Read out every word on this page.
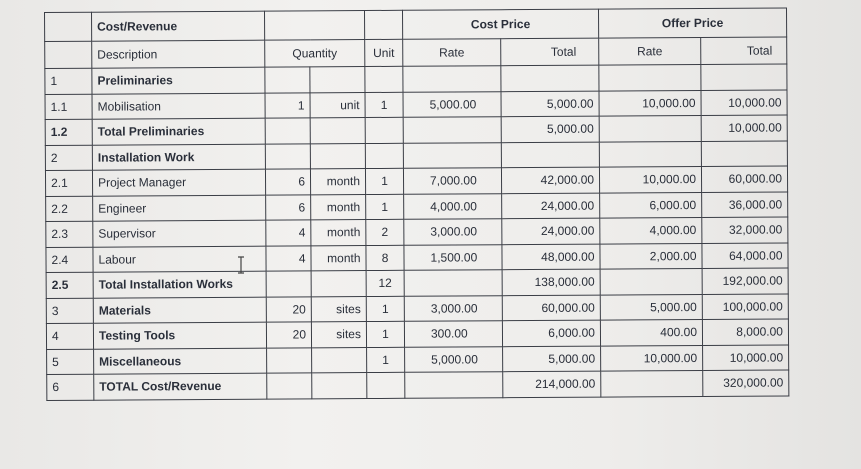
	Cost/Revenue				Cost Price		Offer Price	
	Description	Quantity		Unit	Rate	Total	Rate	Total
1	Preliminaries							
1.1	Mobilisation	1	unit	1	5,000.00	5,000.00	10,000.00	10,000.00
1.2	Total Preliminaries					5,000.00		10,000.00
2	Installation Work							
2.1	Project Manager	6	month	1	7,000.00	42,000.00	10,000.00	60,000.00
2.2	Engineer	6	month	1	4,000.00	24,000.00	6,000.00	36,000.00
2.3	Supervisor	4	month	2	3,000.00	24,000.00	4,000.00	32,000.00
2.4	Labour	4	month	8	1,500.00	48,000.00	2,000.00	64,000.00
2.5	Total Installation Works			12		138,000.00		192,000.00
3	Materials	20	sites	1	3,000.00	60,000.00	5,000.00	100,000.00
4	Testing Tools	20	sites	1	300.00	6,000.00	400.00	8,000.00
5	Miscellaneous			1	5,000.00	5,000.00	10,000.00	10,000.00
6	TOTAL Cost/Revenue					214,000.00		320,000.00
